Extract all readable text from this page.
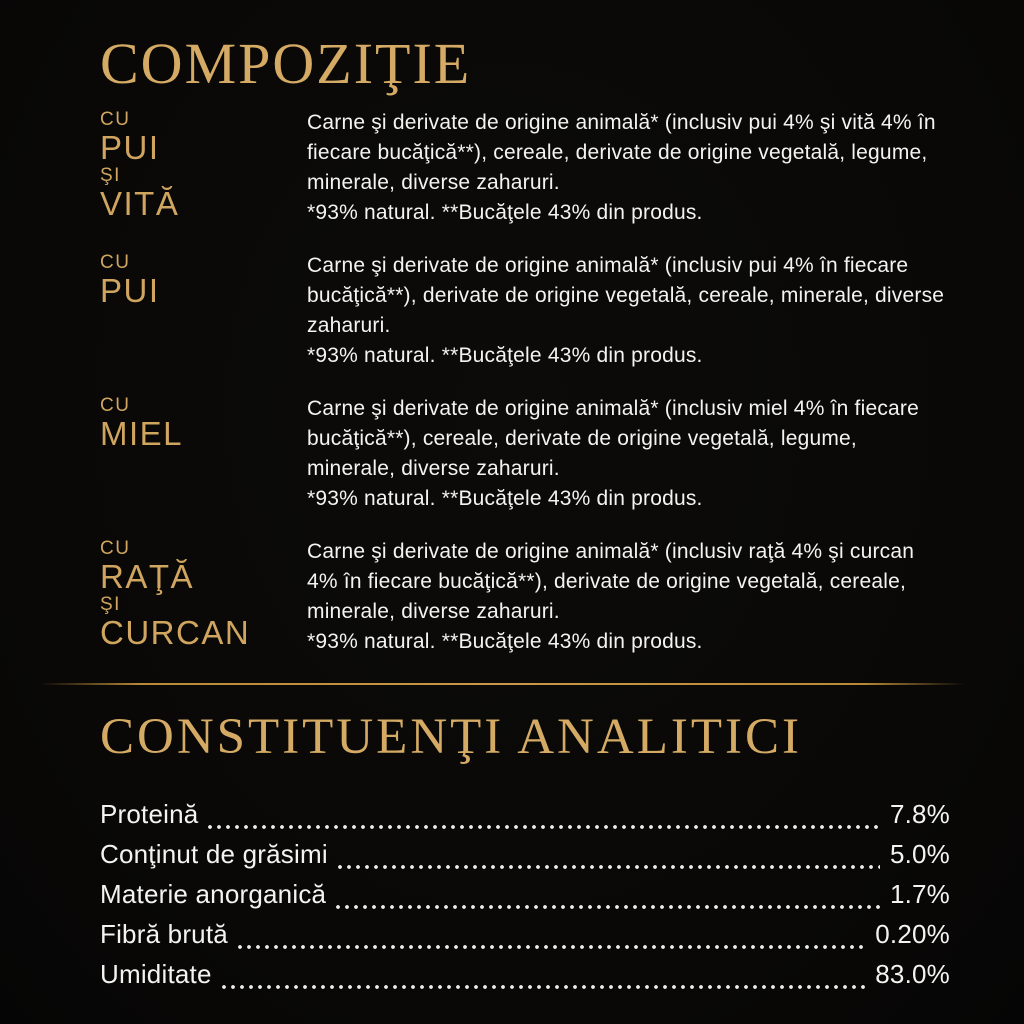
COMPOZIŢIE
CU
PUI
ŞI
VITĂ

Carne şi derivate de origine animală* (inclusiv pui 4% şi vită 4% în fiecare bucăţică**), cereale, derivate de origine vegetală, legume, minerale, diverse zaharuri.

*93% natural. **Bucăţele 43% din produs.

CU
PUI

Carne şi derivate de origine animală* (inclusiv pui 4% în fiecare bucăţică**), derivate de origine vegetală, cereale, minerale, diverse zaharuri.

*93% natural. **Bucăţele 43% din produs.

CU
MIEL

Carne şi derivate de origine animală* (inclusiv miel 4% în fiecare bucăţică**), cereale, derivate de origine vegetală, legume, minerale, diverse zaharuri.

*93% natural. **Bucăţele 43% din produs.

CU
RAŢĂ
ŞI
CURCAN

Carne şi derivate de origine animală* (inclusiv raţă 4% şi curcan 4% în fiecare bucăţică**), derivate de origine vegetală, cereale, minerale, diverse zaharuri.

*93% natural. **Bucăţele 43% din produs.

CONSTITUENŢI ANALITICI
Proteină	7.8%
Conţinut de grăsimi	5.0%
Materie anorganică	1.7%
Fibră brută	0.20%
Umiditate	83.0%
